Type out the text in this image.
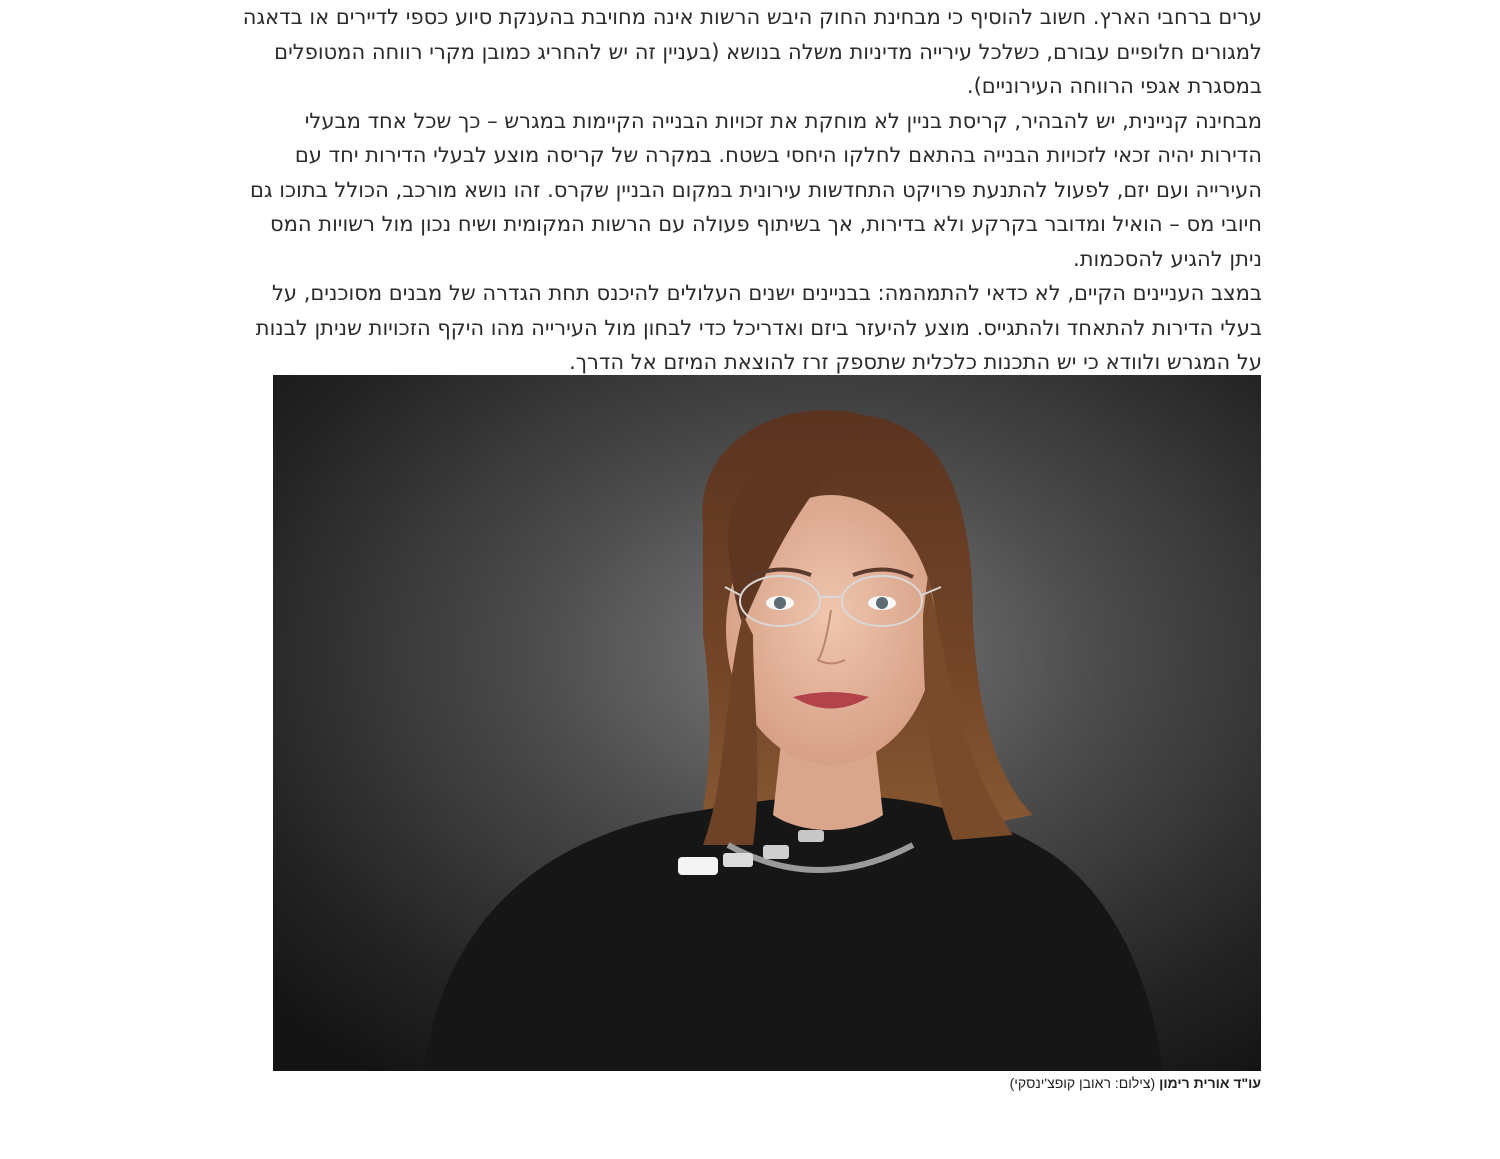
ערים ברחבי הארץ. חשוב להוסיף כי מבחינת החוק היבש הרשות אינה מחויבת בהענקת סיוע כספי לדיירים או בדאגה למגורים חלופיים עבורם, כשלכל עירייה מדיניות משלה בנושא (בעניין זה יש להחריג כמובן מקרי רווחה המטופלים במסגרת אגפי הרווחה העירוניים).

מבחינה קניינית, יש להבהיר, קריסת בניין לא מוחקת את זכויות הבנייה הקיימות במגרש – כך שכל אחד מבעלי הדירות יהיה זכאי לזכויות הבנייה בהתאם לחלקו היחסי בשטח. במקרה של קריסה מוצע לבעלי הדירות יחד עם העירייה ועם יזם, לפעול להתנעת פרויקט התחדשות עירונית במקום הבניין שקרס. זהו נושא מורכב, הכולל בתוכו גם חיובי מס – הואיל ומדובר בקרקע ולא בדירות, אך בשיתוף פעולה עם הרשות המקומית ושיח נכון מול רשויות המס ניתן להגיע להסכמות.

במצב העניינים הקיים, לא כדאי להתמהמה: בבניינים ישנים העלולים להיכנס תחת הגדרה של מבנים מסוכנים, על בעלי הדירות להתאחד ולהתגייס. מוצע להיעזר ביזם ואדריכל כדי לבחון מול העירייה מהו היקף הזכויות שניתן לבנות על המגרש ולוודא כי יש התכנות כלכלית שתספק זרז להוצאת המיזם אל הדרך.

עו"ד אורית רימון (צילום: ראובן קופצ'ינסקי)
